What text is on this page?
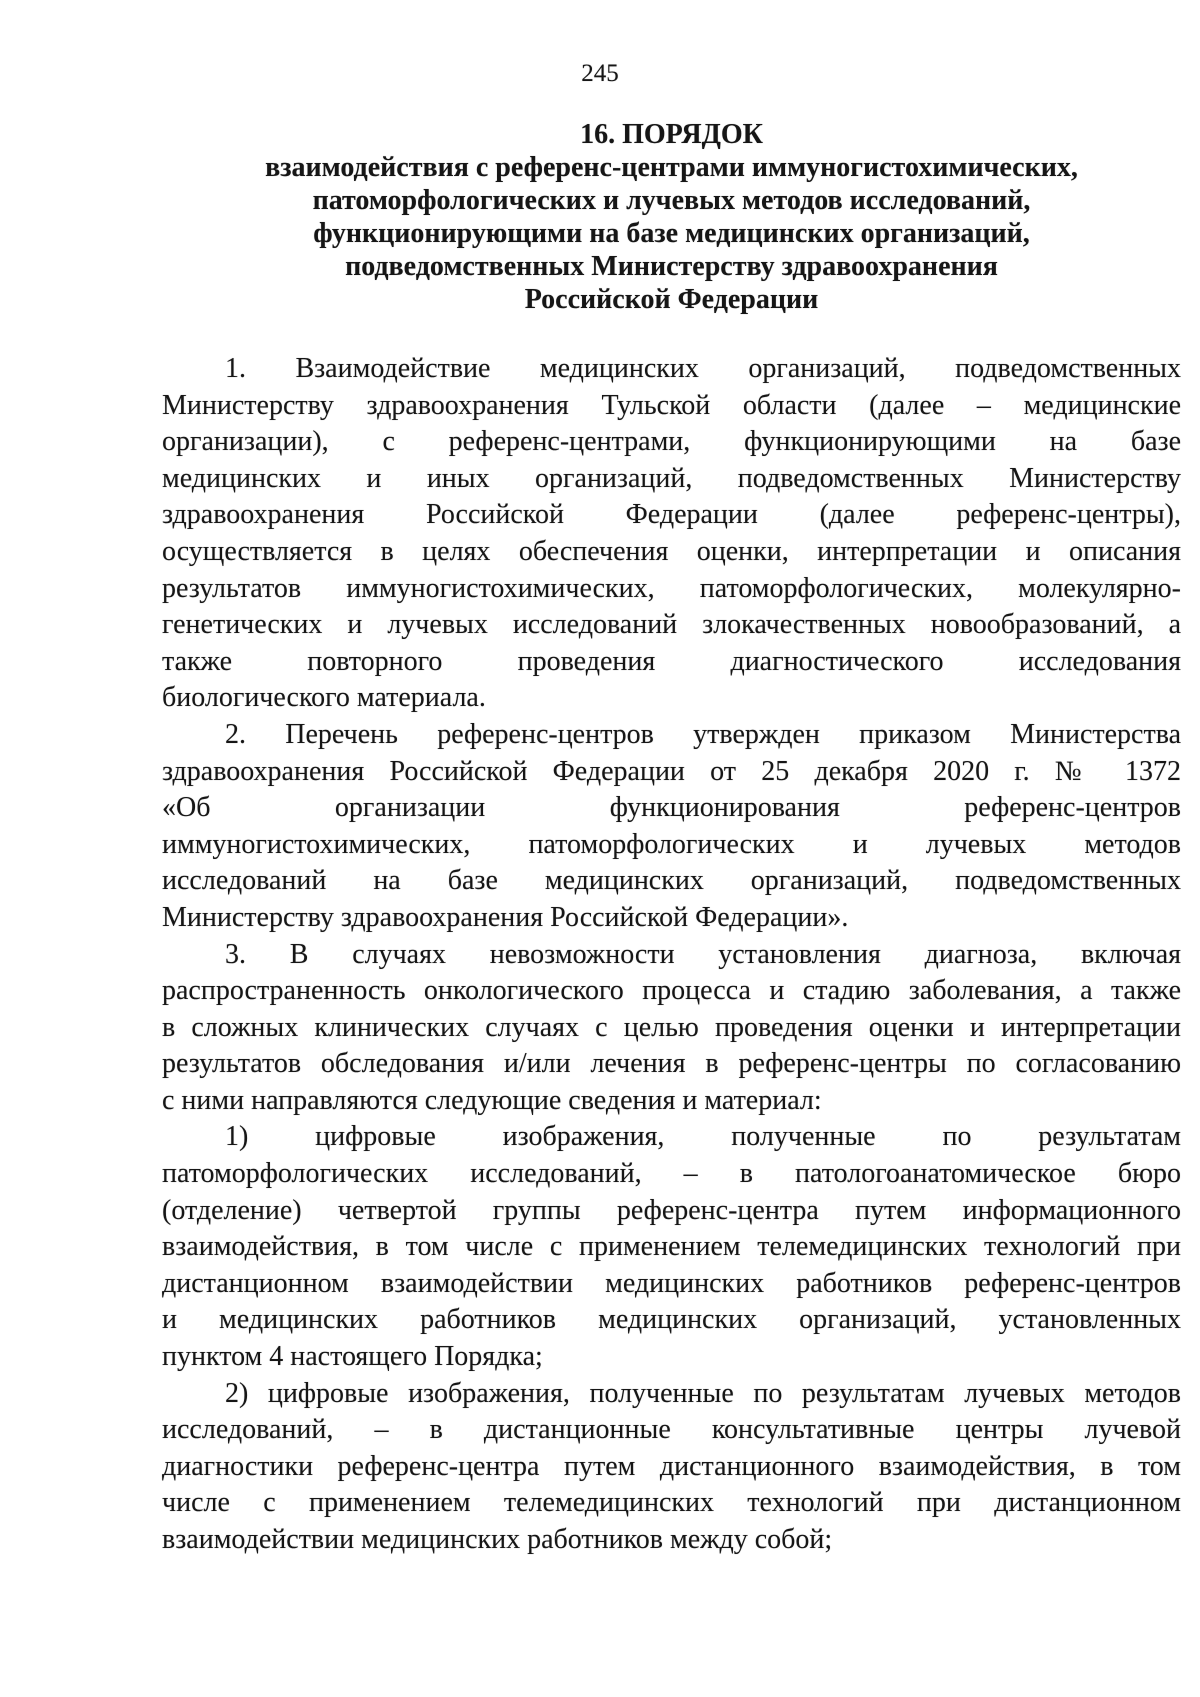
245
16. ПОРЯДОК
взаимодействия с референс-центрами иммуногистохимических,
патоморфологических и лучевых методов исследований,
функционирующими на базе медицинских организаций,
подведомственных Министерству здравоохранения
Российской Федерации
1. Взаимодействие медицинских организаций, подведомственных
Министерству здравоохранения Тульской области (далее – медицинские
организации), с референс-центрами, функционирующими на базе
медицинских и иных организаций, подведомственных Министерству
здравоохранения Российской Федерации (далее референс-центры),
осуществляется в целях обеспечения оценки, интерпретации и описания
результатов иммуногистохимических, патоморфологических, молекулярно-
генетических и лучевых исследований злокачественных новообразований, а
также повторного проведения диагностического исследования
биологического материала.
2. Перечень референс-центров утвержден приказом Министерства
здравоохранения Российской Федерации от 25 декабря 2020 г. № 1372
«Об организации функционирования референс-центров
иммуногистохимических, патоморфологических и лучевых методов
исследований на базе медицинских организаций, подведомственных
Министерству здравоохранения Российской Федерации».
3. В случаях невозможности установления диагноза, включая
распространенность онкологического процесса и стадию заболевания, а также
в сложных клинических случаях с целью проведения оценки и интерпретации
результатов обследования и/или лечения в референс-центры по согласованию
с ними направляются следующие сведения и материал:
1) цифровые изображения, полученные по результатам
патоморфологических исследований, – в патологоанатомическое бюро
(отделение) четвертой группы референс-центра путем информационного
взаимодействия, в том числе с применением телемедицинских технологий при
дистанционном взаимодействии медицинских работников референс-центров
и медицинских работников медицинских организаций, установленных
пунктом 4 настоящего Порядка;
2) цифровые изображения, полученные по результатам лучевых методов
исследований, – в дистанционные консультативные центры лучевой
диагностики референс-центра путем дистанционного взаимодействия, в том
числе с применением телемедицинских технологий при дистанционном
взаимодействии медицинских работников между собой;
